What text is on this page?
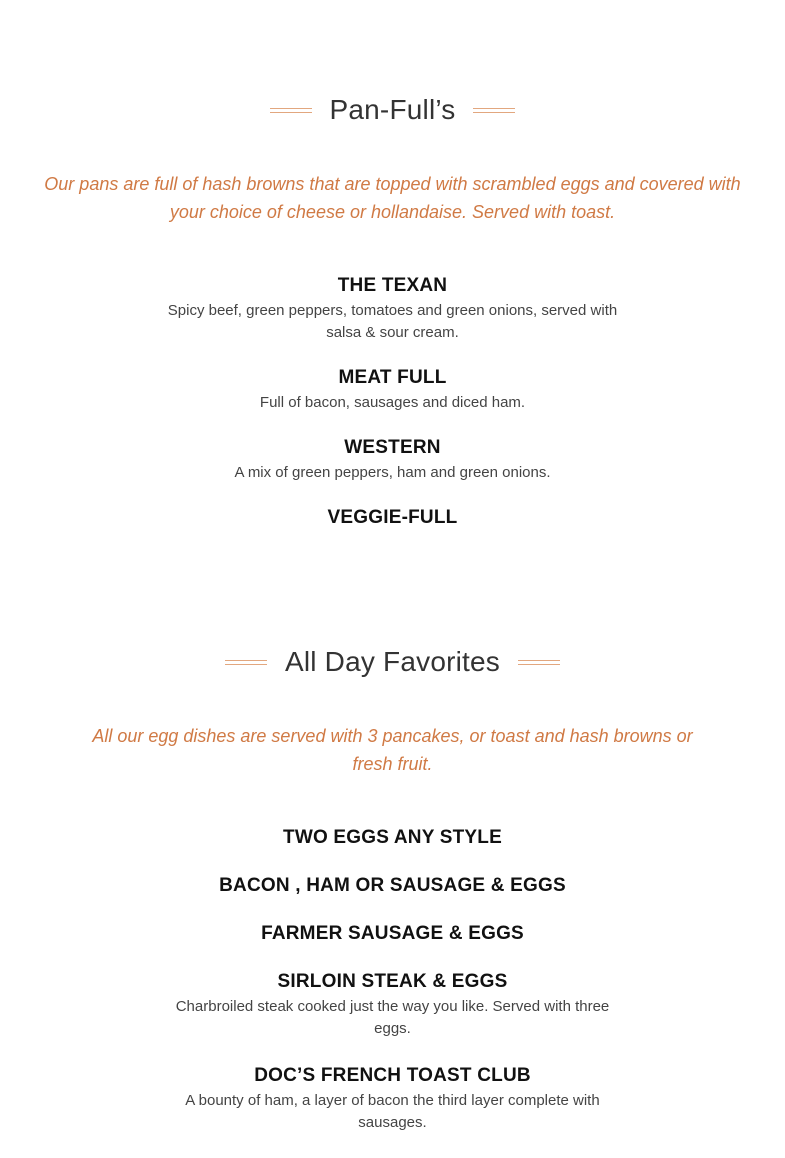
Pan-Full’s

Our pans are full of hash browns that are topped with scrambled eggs and covered with your choice of cheese or hollandaise. Served with toast.

THE TEXAN

Spicy beef, green peppers, tomatoes and green onions, served with salsa & sour cream.

MEAT FULL

Full of bacon, sausages and diced ham.

WESTERN

A mix of green peppers, ham and green onions.

VEGGIE-FULL
All Day Favorites

All our egg dishes are served with 3 pancakes, or toast and hash browns or fresh fruit.

TWO EGGS ANY STYLE
BACON , HAM OR SAUSAGE & EGGS
FARMER SAUSAGE & EGGS
SIRLOIN STEAK & EGGS

Charbroiled steak cooked just the way you like. Served with three eggs.

DOC’S FRENCH TOAST CLUB

A bounty of ham, a layer of bacon the third layer complete with sausages.
